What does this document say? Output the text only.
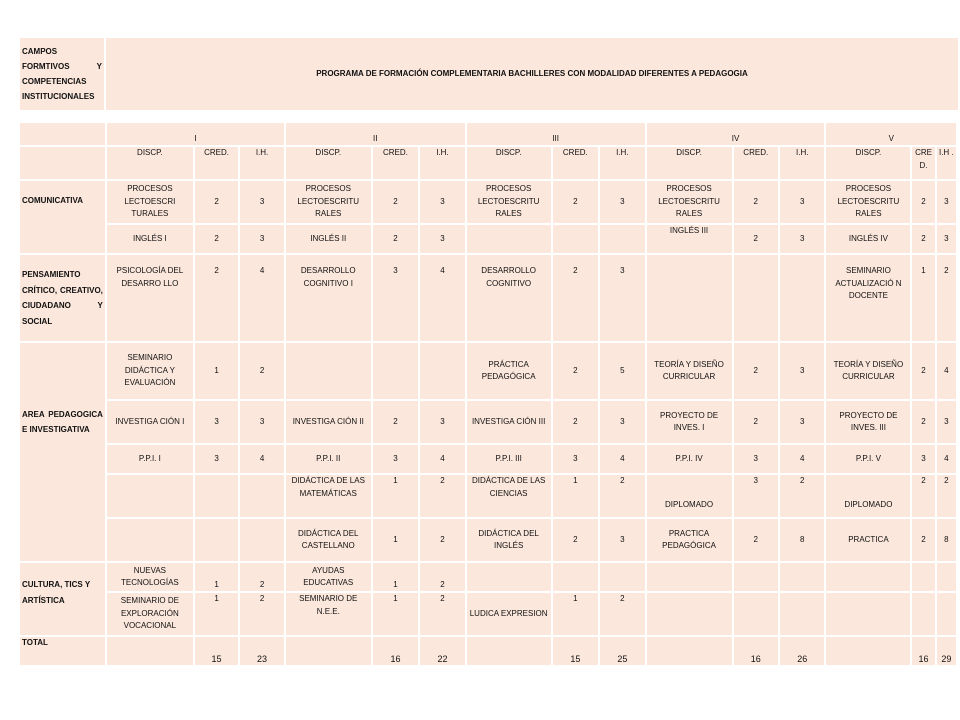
CAMPOS FORMTIVOS Y COMPETENCIAS INSTITUCIONALES	PROGRAMA DE FORMACIÓN COMPLEMENTARIA BACHILLERES CON MODALIDAD DIFERENTES A PEDAGOGIA
	I			II			III			IV			V		
	DISCP.	CRED.	I.H.	DISCP.	CRED.	I.H.	DISCP.	CRED.	I.H.	DISCP.	CRED.	I.H.	DISCP.	CRE D.	I.H .
COMUNICATIVA	PROCESOS LECTOESCRI TURALES	2	3	PROCESOS LECTOESCRITU RALES	2	3	PROCESOS LECTOESCRITU RALES	2	3	PROCESOS LECTOESCRITU RALES	2	3	PROCESOS LECTOESCRITU RALES	2	3
	INGLÉS I	2	3	INGLÉS II	2	3				INGLÉS III	2	3	INGLÉS IV	2	3
PENSAMIENTO CRÍTICO, CREATIVO, CIUDADANO Y SOCIAL	PSICOLOGÍA DEL DESARRO LLO	2	4	DESARROLLO COGNITIVO I	3	4	DESARROLLO COGNITIVO	2	3				SEMINARIO ACTUALIZACIÓ N DOCENTE	1	2
AREA PEDAGOGICA E INVESTIGATIVA	SEMINARIO DIDÁCTICA Y EVALUACIÓN	1	2				PRÁCTICA PEDAGÓGICA	2	5	TEORÍA Y DISEÑO CURRICULAR	2	3	TEORÍA Y DISEÑO CURRICULAR	2	4
	INVESTIGA CIÓN I	3	3	INVESTIGA CIÓN II	2	3	INVESTIGA CIÓN III	2	3	PROYECTO DE INVES. I	2	3	PROYECTO DE INVES. III	2	3
	P.P.I. I	3	4	P.P.I. II	3	4	P.P.I. III	3	4	P.P.I. IV	3	4	P.P.I. V	3	4
				DIDÁCTICA DE LAS MATEMÁTICAS	1	2	DIDÁCTICA DE LAS CIENCIAS	1	2	DIPLOMADO	3	2	DIPLOMADO	2	2
				DIDÁCTICA DEL CASTELLANO	1	2	DIDÁCTICA DEL INGLÉS	2	3	PRACTICA PEDAGÓGICA	2	8	PRACTICA	2	8
CULTURA, TICS Y ARTÍSTICA	NUEVAS TECNOLOGÍAS	1	2	AYUDAS EDUCATIVAS	1	2									
	SEMINARIO DE EXPLORACIÓN VOCACIONAL	1	2	SEMINARIO DE N.E.E.	1	2	LUDICA EXPRESION	1	2						
TOTAL		15	23		16	22		15	25		16	26		16	29
